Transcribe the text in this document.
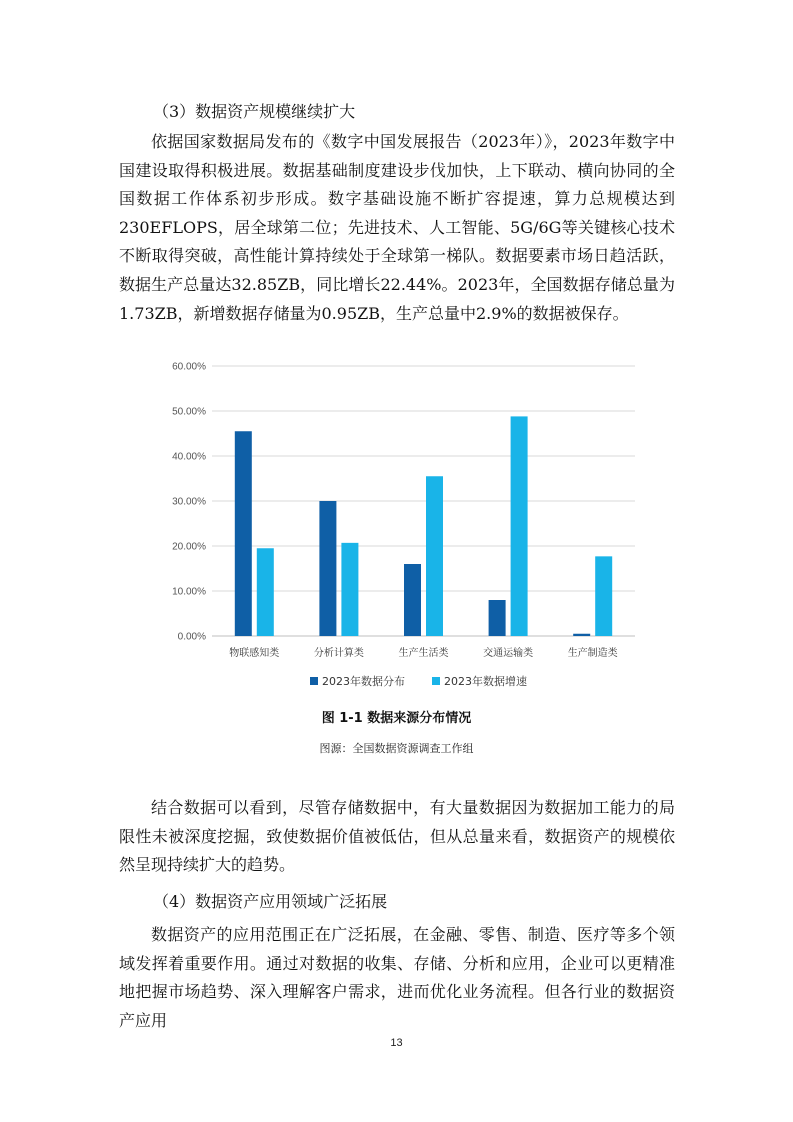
（3）数据资产规模继续扩大

依据国家数据局发布的《数字中国发展报告（2023年）》，2023年数字中国建设取得积极进展。数据基础制度建设步伐加快，上下联动、横向协同的全国数据工作体系初步形成。数字基础设施不断扩容提速，算力总规模达到230EFLOPS，居全球第二位；先进技术、人工智能、5G/6G等关键核心技术不断取得突破，高性能计算持续处于全球第一梯队。数据要素市场日趋活跃，数据生产总量达32.85ZB，同比增长22.44%。2023年，全国数据存储总量为1.73ZB，新增数据存储量为0.95ZB，生产总量中2.9%的数据被保存。

0.00%
10.00%
20.00%
30.00%
40.00%
50.00%
60.00%
物联感知类	分析计算类	生产生活类	交通运输类	生产制造类
2023年数据分布	2023年数据增速
图 1-1 数据来源分布情况
图源：全国数据资源调查工作组

结合数据可以看到，尽管存储数据中，有大量数据因为数据加工能力的局限性未被深度挖掘，致使数据价值被低估，但从总量来看，数据资产的规模依然呈现持续扩大的趋势。

（4）数据资产应用领域广泛拓展

数据资产的应用范围正在广泛拓展，在金融、零售、制造、医疗等多个领域发挥着重要作用。通过对数据的收集、存储、分析和应用，企业可以更精准地把握市场趋势、深入理解客户需求，进而优化业务流程。但各行业的数据资产应用

13
